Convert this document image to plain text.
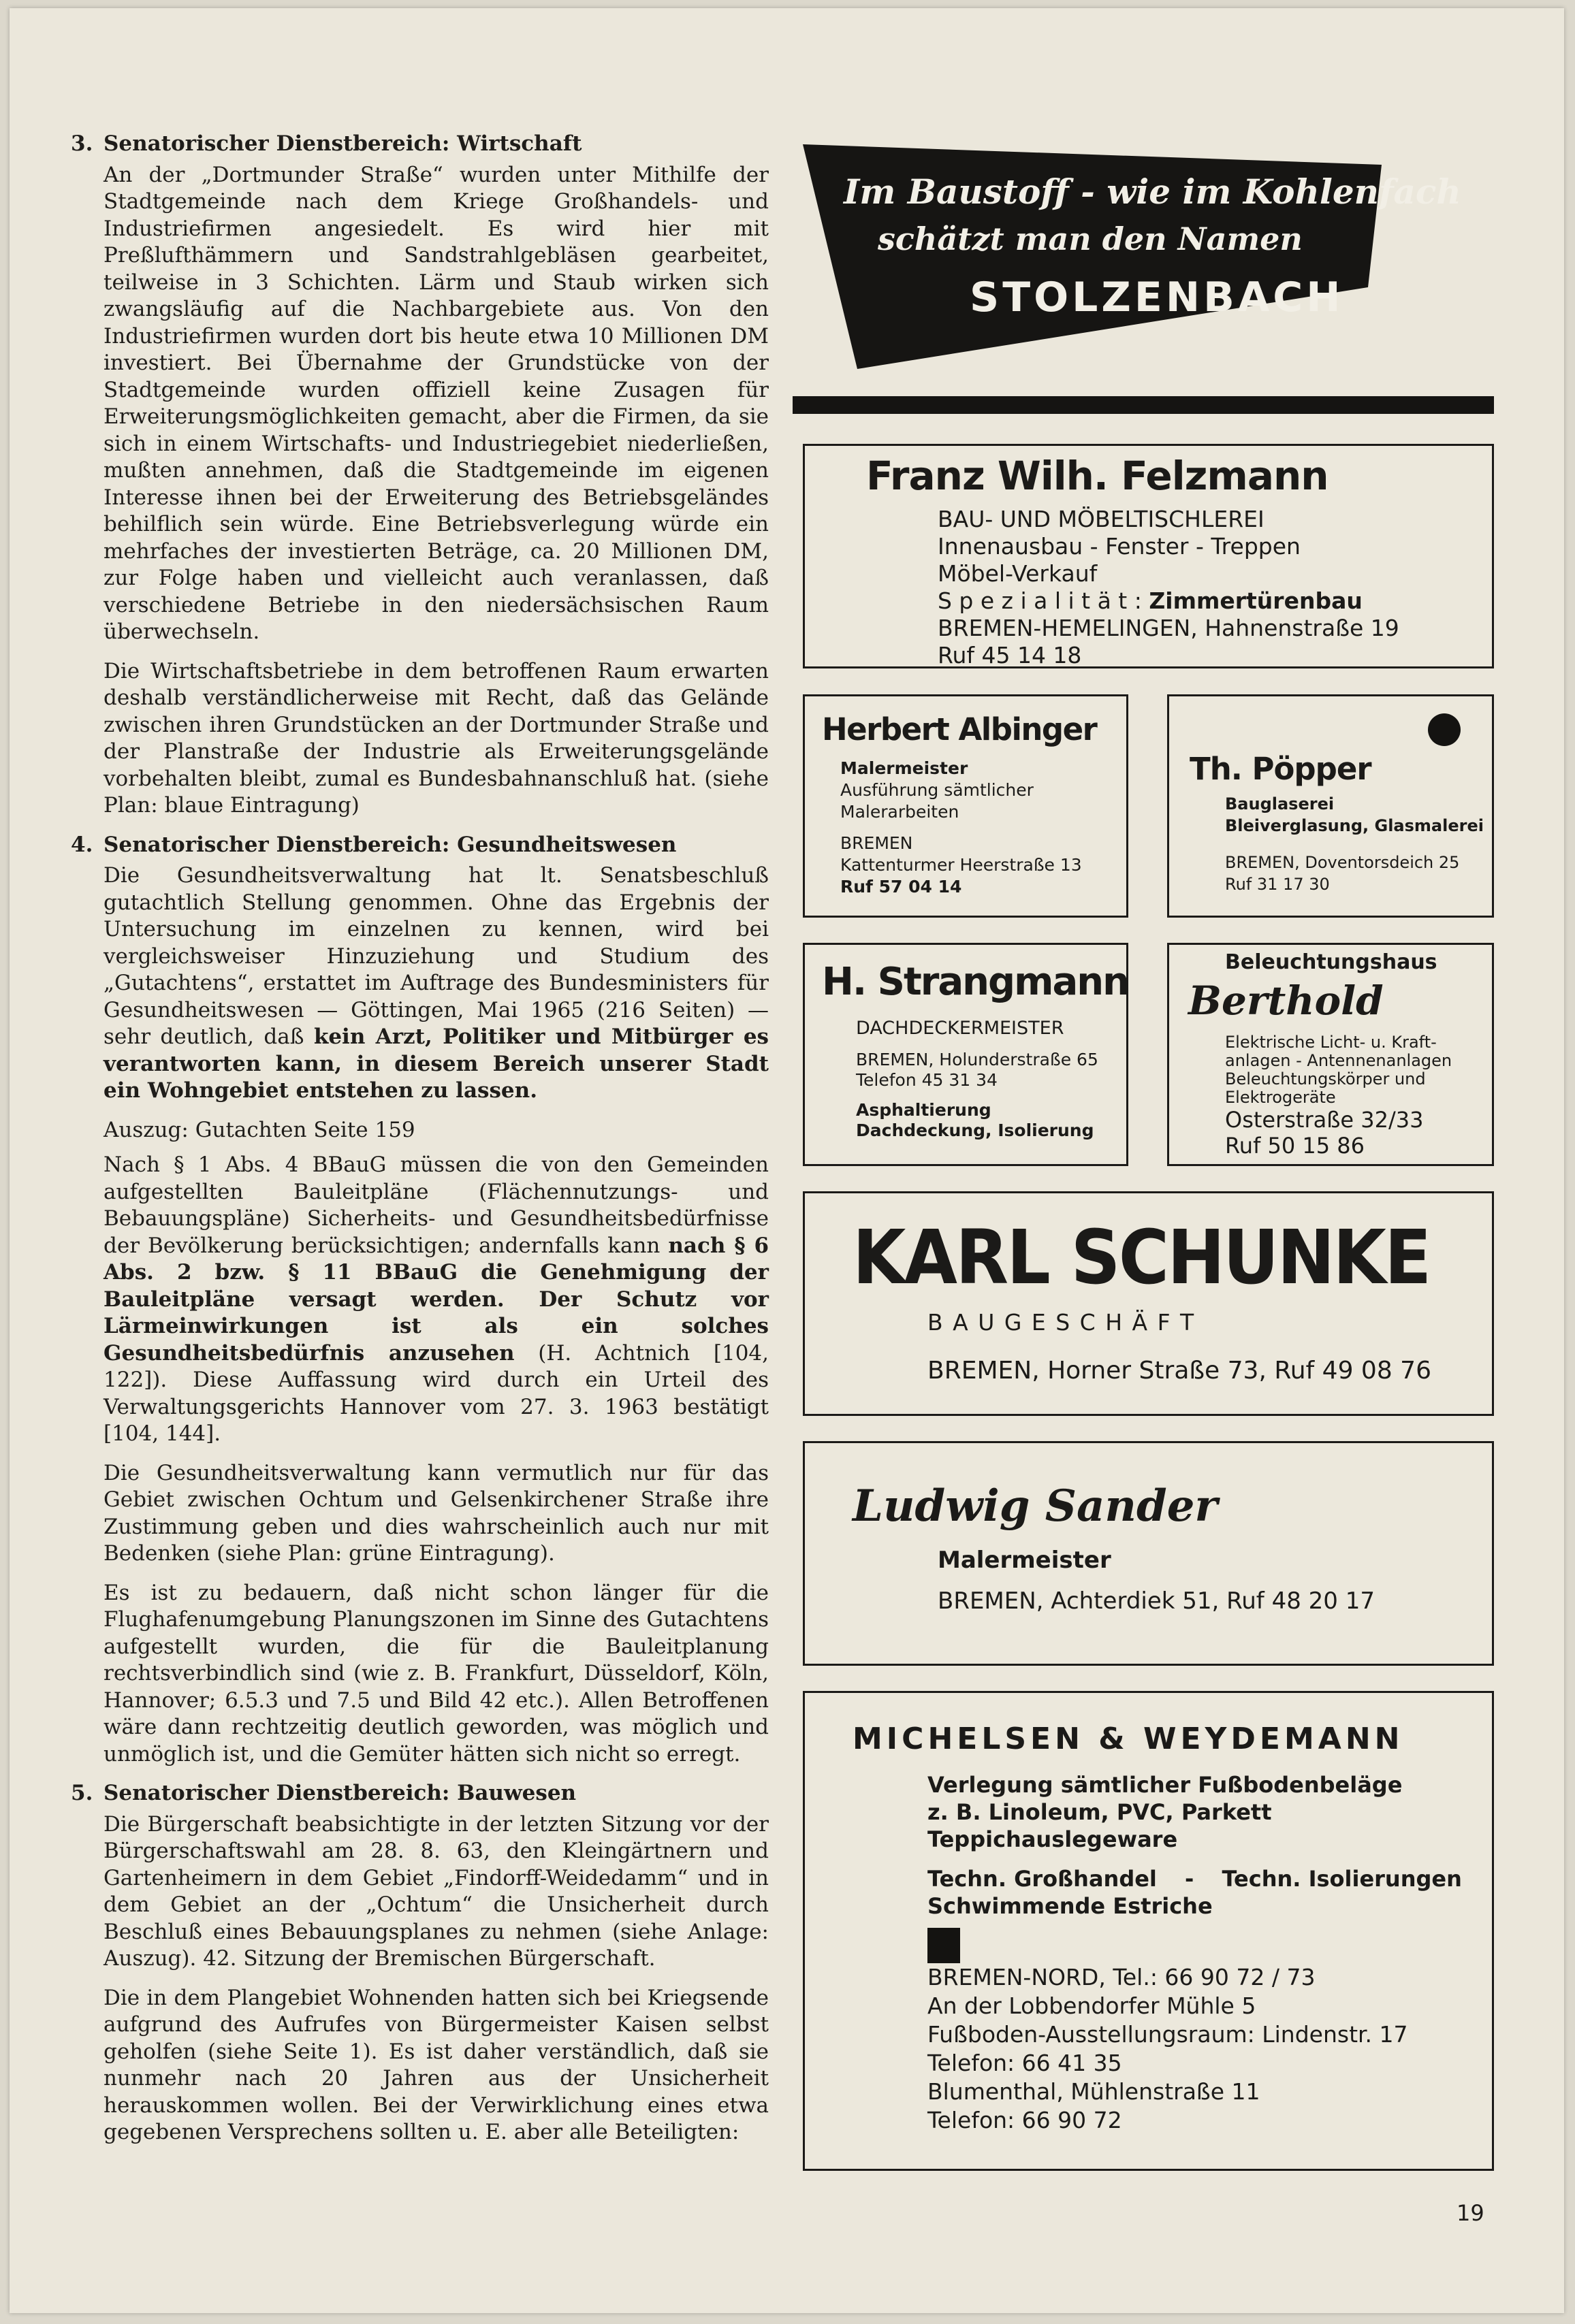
3. Senatorischer Dienstbereich: Wirtschaft

An der „Dortmunder Straße“ wurden unter Mithilfe der Stadtgemeinde nach dem Kriege Großhandels- und Industriefirmen angesiedelt. Es wird hier mit Preßlufthämmern und Sandstrahlgebläsen gearbeitet, teilweise in 3 Schichten. Lärm und Staub wirken sich zwangsläufig auf die Nachbargebiete aus. Von den Industriefirmen wurden dort bis heute etwa 10 Millionen DM investiert. Bei Übernahme der Grundstücke von der Stadtgemeinde wurden offiziell keine Zusagen für Erweiterungsmöglichkeiten gemacht, aber die Firmen, da sie sich in einem Wirtschafts- und Industriegebiet niederließen, mußten annehmen, daß die Stadtgemeinde im eigenen Interesse ihnen bei der Erweiterung des Betriebsgeländes behilflich sein würde. Eine Betriebsverlegung würde ein mehrfaches der investierten Beträge, ca. 20 Millionen DM, zur Folge haben und vielleicht auch veranlassen, daß verschiedene Betriebe in den niedersächsischen Raum überwechseln.

Die Wirtschaftsbetriebe in dem betroffenen Raum erwarten deshalb verständlicherweise mit Recht, daß das Gelände zwischen ihren Grundstücken an der Dortmunder Straße und der Planstraße der Industrie als Erweiterungsgelände vorbehalten bleibt, zumal es Bundesbahnanschluß hat. (siehe Plan: blaue Eintragung)

4. Senatorischer Dienstbereich: Gesundheitswesen

Die Gesundheitsverwaltung hat lt. Senatsbeschluß gutachtlich Stellung genommen. Ohne das Ergebnis der Untersuchung im einzelnen zu kennen, wird bei vergleichsweiser Hinzuziehung und Studium des „Gutachtens“, erstattet im Auftrage des Bundesministers für Gesundheitswesen — Göttingen, Mai 1965 (216 Seiten) — sehr deutlich, daß kein Arzt, Politiker und Mitbürger es verantworten kann, in diesem Bereich unserer Stadt ein Wohngebiet entstehen zu lassen.

Auszug: Gutachten Seite 159

Nach § 1 Abs. 4 BBauG müssen die von den Gemeinden aufgestellten Bauleitpläne (Flächennutzungs- und Bebauungspläne) Sicherheits- und Gesundheitsbedürfnisse der Bevölkerung berücksichtigen; andernfalls kann nach § 6 Abs. 2 bzw. § 11 BBauG die Genehmigung der Bauleitpläne versagt werden. Der Schutz vor Lärmeinwirkungen ist als ein solches Gesundheitsbedürfnis anzusehen (H. Achtnich [104, 122]). Diese Auffassung wird durch ein Urteil des Verwaltungsgerichts Hannover vom 27. 3. 1963 bestätigt [104, 144].

Die Gesundheitsverwaltung kann vermutlich nur für das Gebiet zwischen Ochtum und Gelsenkirchener Straße ihre Zustimmung geben und dies wahrscheinlich auch nur mit Bedenken (siehe Plan: grüne Eintragung).

Es ist zu bedauern, daß nicht schon länger für die Flughafenumgebung Planungszonen im Sinne des Gutachtens aufgestellt wurden, die für die Bauleitplanung rechtsverbindlich sind (wie z. B. Frankfurt, Düsseldorf, Köln, Hannover; 6.5.3 und 7.5 und Bild 42 etc.). Allen Betroffenen wäre dann rechtzeitig deutlich geworden, was möglich und unmöglich ist, und die Gemüter hätten sich nicht so erregt.

5. Senatorischer Dienstbereich: Bauwesen

Die Bürgerschaft beabsichtigte in der letzten Sitzung vor der Bürgerschaftswahl am 28. 8. 63, den Kleingärtnern und Gartenheimern in dem Gebiet „Findorff-Weidedamm“ und in dem Gebiet an der „Ochtum“ die Unsicherheit durch Beschluß eines Bebauungsplanes zu nehmen (siehe Anlage: Auszug). 42. Sitzung der Bremischen Bürgerschaft.

Die in dem Plangebiet Wohnenden hatten sich bei Kriegsende aufgrund des Aufrufes von Bürgermeister Kaisen selbst geholfen (siehe Seite 1). Es ist daher verständlich, daß sie nunmehr nach 20 Jahren aus der Unsicherheit herauskommen wollen. Bei der Verwirklichung eines etwa gegebenen Versprechens sollten u. E. aber alle Beteiligten:

Im Baustoff - wie im Kohlenfach
schätzt man den Namen
STOLZENBACH
Franz Wilh. Felzmann
BAU- UND MÖBELTISCHLEREI
Innenausbau - Fenster - Treppen
Möbel-Verkauf
S p e z i a l i t ä t : Zimmertürenbau
BREMEN-HEMELINGEN, Hahnenstraße 19
Ruf 45 14 18
Herbert Albinger
Malermeister
Ausführung sämtlicher
Malerarbeiten
BREMEN
Kattenturmer Heerstraße 13
Ruf 57 04 14
Th. Pöpper
Bauglaserei
Bleiverglasung, Glasmalerei
BREMEN, Doventorsdeich 25
Ruf 31 17 30
H. Strangmann
DACHDECKERMEISTER
BREMEN, Holunderstraße 65
Telefon 45 31 34
Asphaltierung
Dachdeckung, Isolierung
Beleuchtungshaus
Berthold
Elektrische Licht- u. Kraft-
anlagen - Antennenanlagen
Beleuchtungskörper und
Elektrogeräte
Osterstraße 32/33
Ruf 50 15 86
KARL SCHUNKE
B A U G E S C H Ä F T
BREMEN, Horner Straße 73, Ruf 49 08 76
Ludwig Sander
Malermeister
BREMEN, Achterdiek 51, Ruf 48 20 17
MICHELSEN & WEYDEMANN
Verlegung sämtlicher Fußbodenbeläge
z. B. Linoleum, PVC, Parkett
Teppichauslegeware
Techn. Großhandel - Techn. Isolierungen
Schwimmende Estriche
BREMEN-NORD, Tel.: 66 90 72 / 73
An der Lobbendorfer Mühle 5
Fußboden-Ausstellungsraum: Lindenstr. 17
Telefon: 66 41 35
Blumenthal, Mühlenstraße 11
Telefon: 66 90 72
19
